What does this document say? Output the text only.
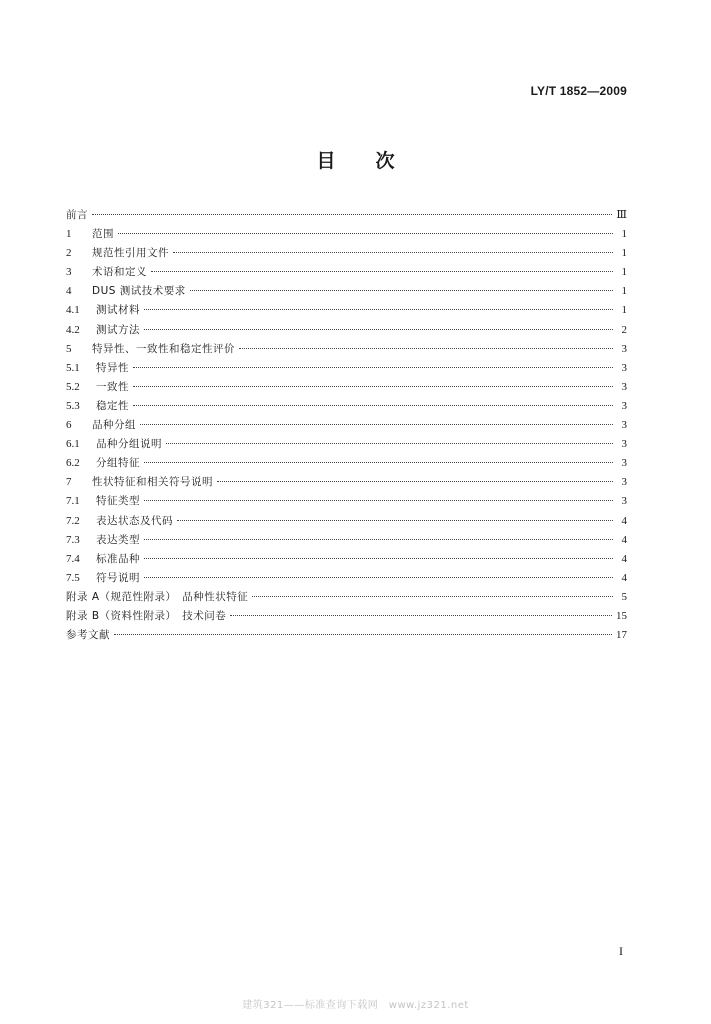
LY/T 1852—2009
目 次
前言	Ⅲ
1	范围	1
2	规范性引用文件	1
3	术语和定义	1
4	DUS 测试技术要求	1
4.1	测试材料	1
4.2	测试方法	2
5	特异性、一致性和稳定性评价	3
5.1	特异性	3
5.2	一致性	3
5.3	稳定性	3
6	品种分组	3
6.1	品种分组说明	3
6.2	分组特征	3
7	性状特征和相关符号说明	3
7.1	特征类型	3
7.2	表达状态及代码	4
7.3	表达类型	4
7.4	标准品种	4
7.5	符号说明	4
附录 A（规范性附录）　品种性状特征	5
附录 B（资料性附录）　技术问卷	15
参考文献	17
I
建筑321——标准查询下载网　www.jz321.net
